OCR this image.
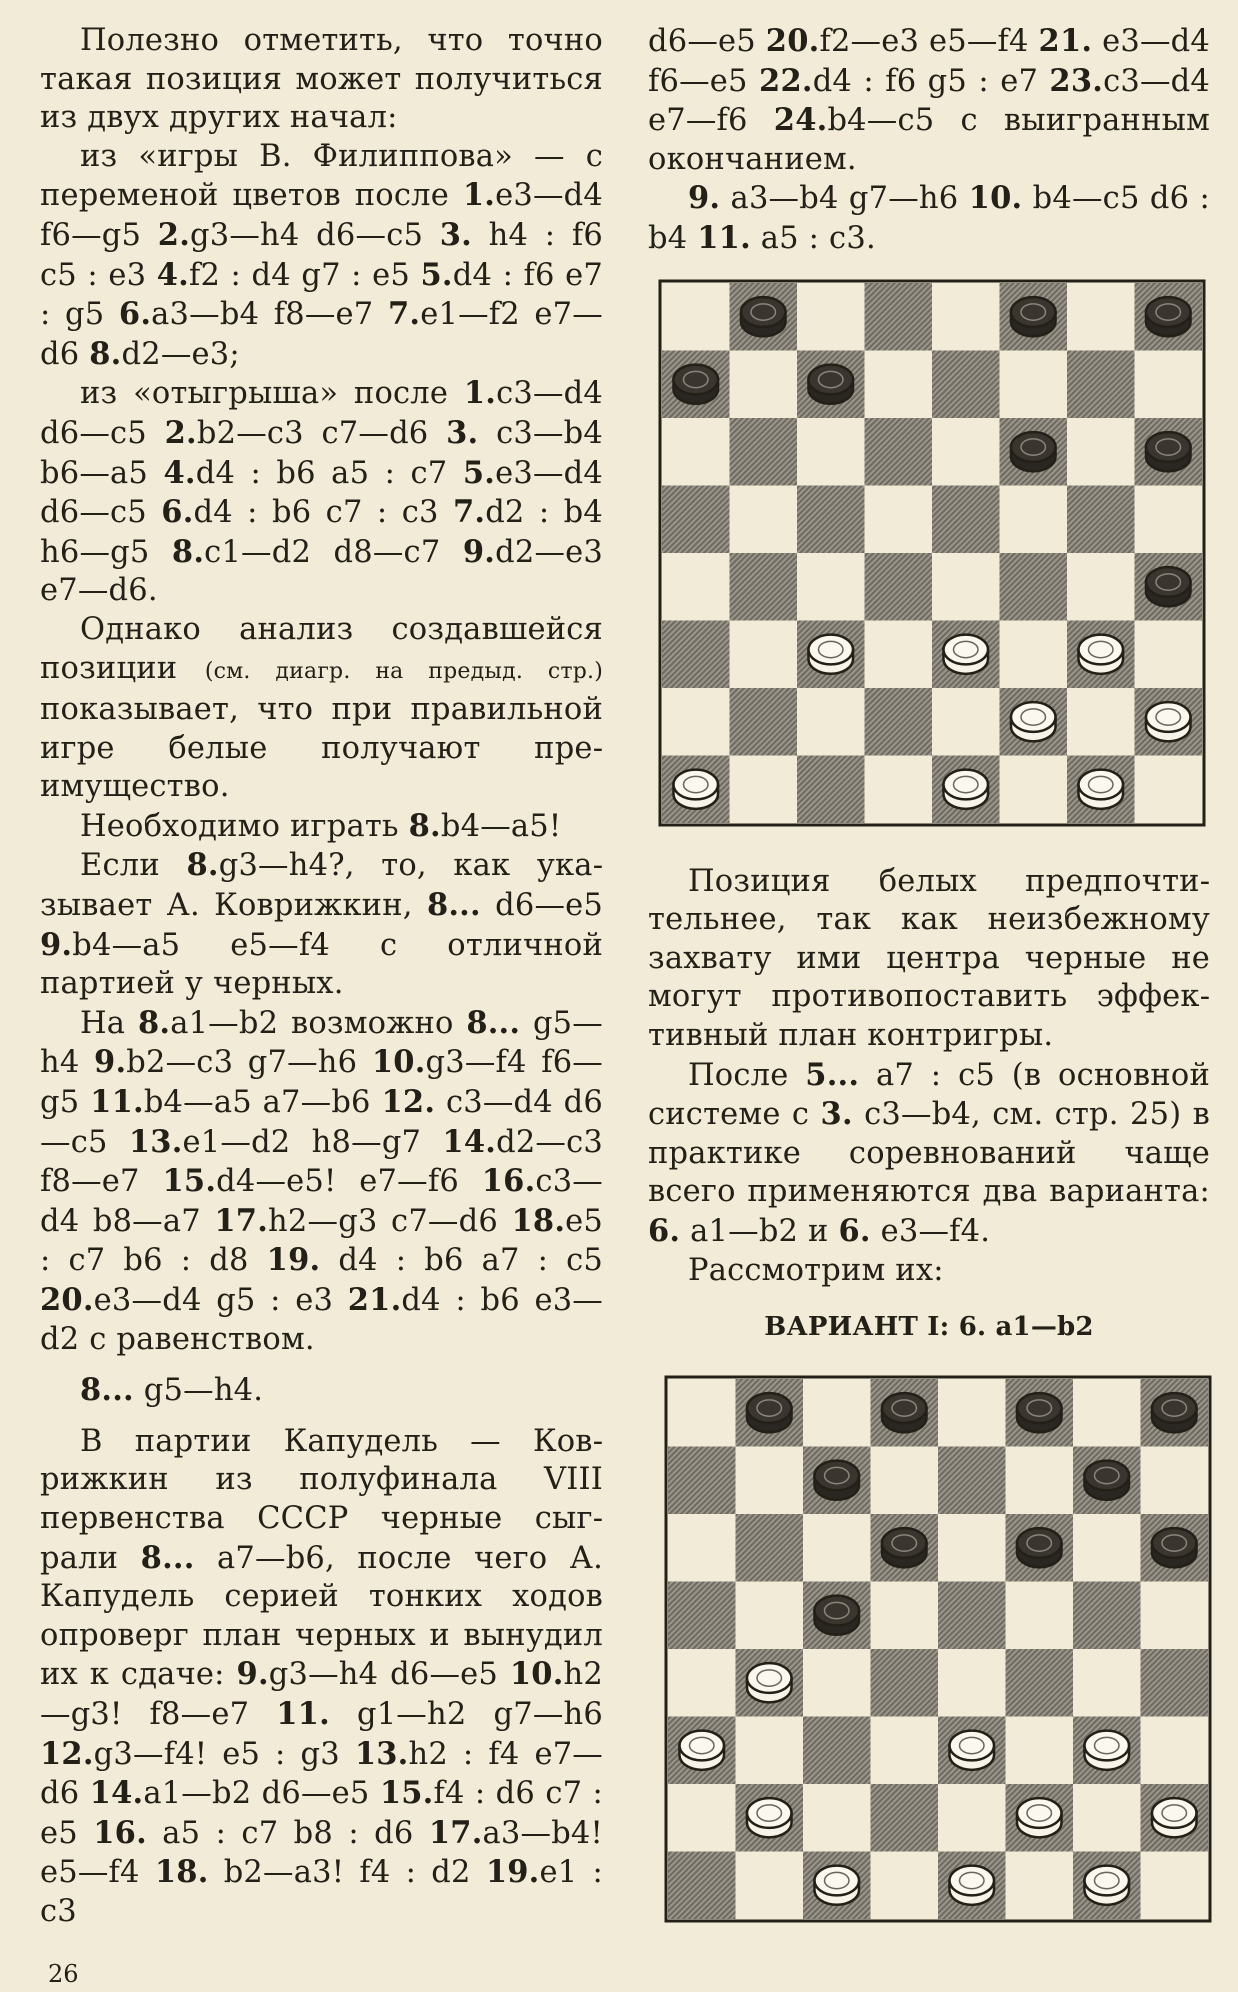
Полезно отметить, что точно такая позиция может получиться из двух других начал:

из «игры В. Филиппова» — с переменой цветов после 1.e3—d4 f6—g5 2.g3—h4 d6—c5 3. h4 : f6 c5 : e3 4.f2 : d4 g7 : e5 5.d4 : f6 e7 : g5 6.a3—b4 f8—e7 7.e1—f2 e7—d6 8.d2—e3;

из «отыгрыша» после 1.c3—d4 d6—c5 2.b2—c3 c7—d6 3. c3—b4 b6—a5 4.d4 : b6 a5 : c7 5.e3—d4 d6—c5 6.d4 : b6 c7 : c3 7.d2 : b4 h6—g5 8.c1—d2 d8—c7 9.d2—e3 e7—d6.

Однако анализ создавшейся позиции (см. диагр. на предыд. стр.) показывает, что при правильной игре белые получают преимущество.

Необходимо играть 8.b4—a5!

Если 8.g3—h4?, то, как указывает А. Коврижкин, 8... d6—e5 9.b4—a5 e5—f4 с отличной партией у черных.

На 8.a1—b2 возможно 8... g5—h4 9.b2—c3 g7—h6 10.g3—f4 f6—g5 11.b4—a5 a7—b6 12. c3—d4 d6—c5 13.e1—d2 h8—g7 14.d2—c3 f8—e7 15.d4—e5! e7—f6 16.c3—d4 b8—a7 17.h2—g3 c7—d6 18.e5 : c7 b6 : d8 19. d4 : b6 a7 : c5 20.e3—d4 g5 : e3 21.d4 : b6 e3—d2 с равенством.

8... g5—h4.

В партии Капудель — Коврижкин из полуфинала VIII первенства СССР черные сыграли 8... a7—b6, после чего А. Капудель серией тонких ходов опроверг план черных и вынудил их к сдаче: 9.g3—h4 d6—e5 10.h2—g3! f8—e7 11. g1—h2 g7—h6 12.g3—f4! e5 : g3 13.h2 : f4 e7—d6 14.a1—b2 d6—e5 15.f4 : d6 c7 : e5 16. a5 : c7 b8 : d6 17.a3—b4! e5—f4 18. b2—a3! f4 : d2 19.e1 : c3

d6—e5 20.f2—e3 e5—f4 21. e3—d4 f6—e5 22.d4 : f6 g5 : e7 23.c3—d4 e7—f6 24.b4—c5 с выигранным окончанием.

9. a3—b4 g7—h6 10. b4—c5 d6 : b4 11. a5 : c3.

Позиция белых предпочтительнее, так как неизбежному захвату ими центра черные не могут противопоставить эффективный план контригры.

После 5... a7 : c5 (в основной системе с 3. c3—b4, см. стр. 25) в практике соревнований чаще всего применяются два варианта: 6. a1—b2 и 6. e3—f4.

Рассмотрим их:

ВАРИАНТ I: 6. a1—b2

26
